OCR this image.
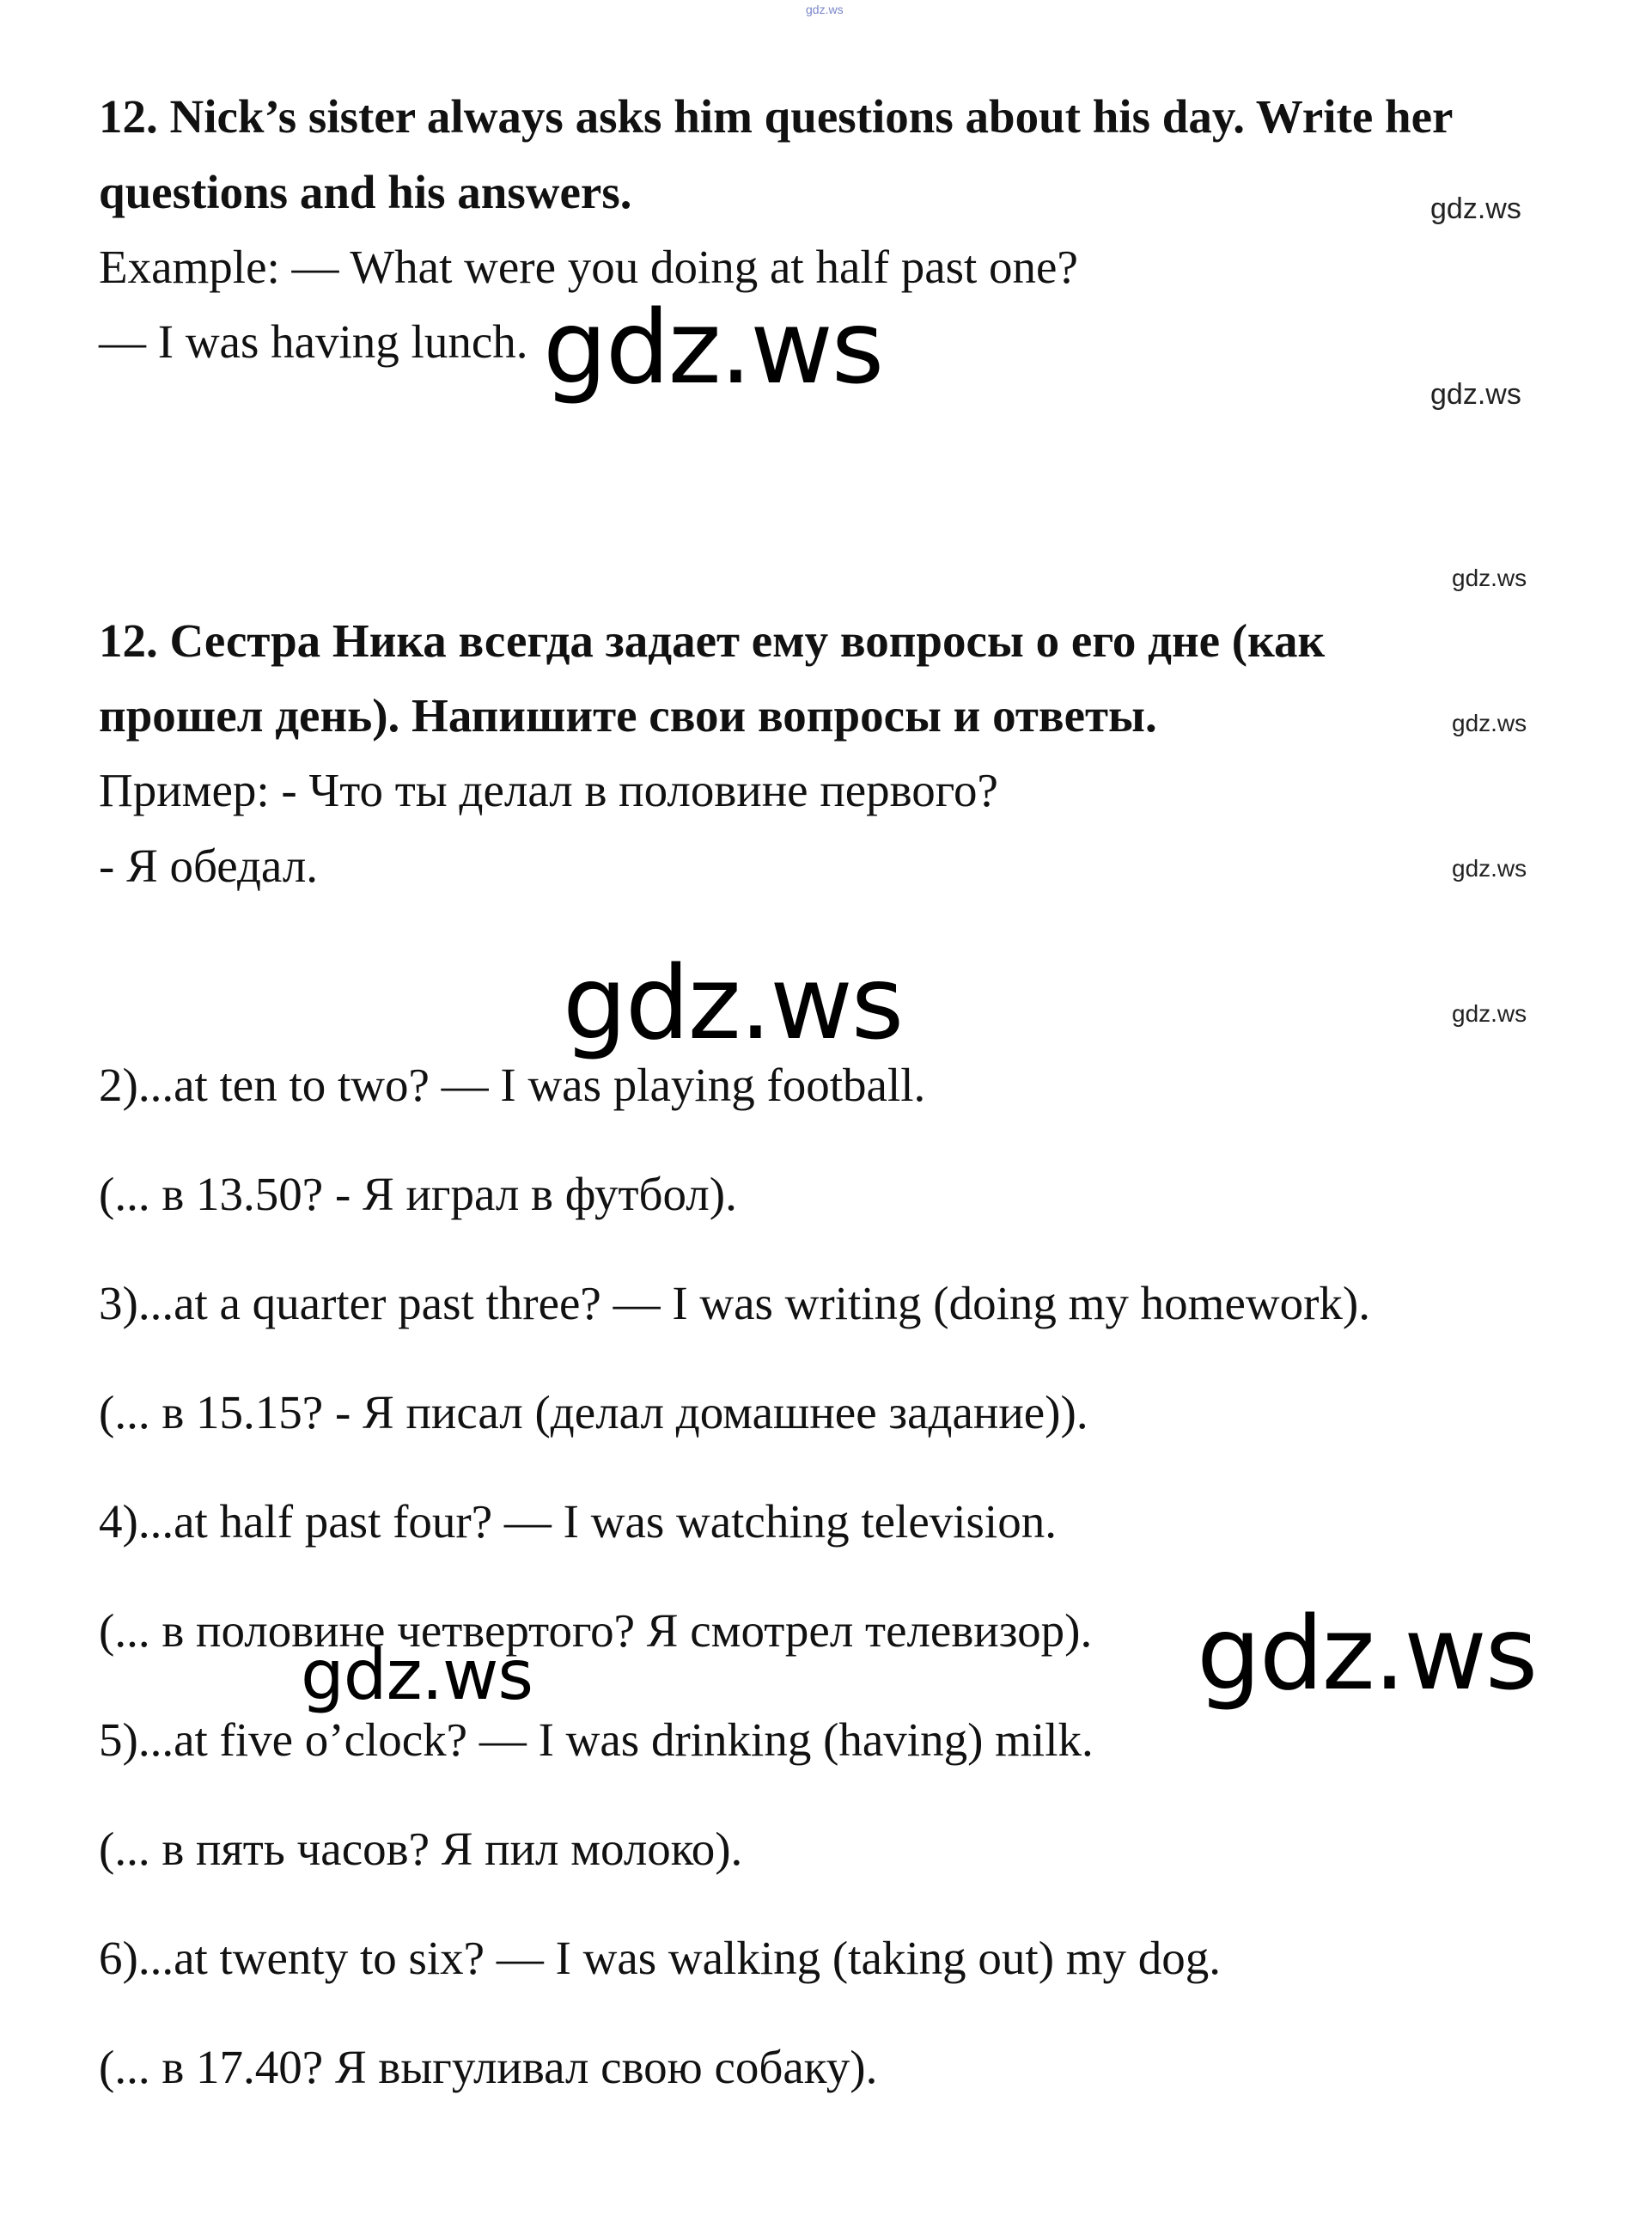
gdz.ws
12. Nick’s sister always asks him questions about his day. Write her
questions and his answers.
Example: — What were you doing at half past one?
— I was having lunch.
12. Сестра Ника всегда задает ему вопросы о его дне (как
прошел день). Напишите свои вопросы и ответы.
Пример: - Что ты делал в половине первого?
- Я обедал.
2)...at ten to two? — I was playing football.
(... в 13.50? - Я играл в футбол).
3)...at a quarter past three? — I was writing (doing my homework).
(... в 15.15? - Я писал (делал домашнее задание)).
4)...at half past four? — I was watching television.
(... в половине четвертого? Я смотрел телевизор).
5)...at five o’clock? — I was drinking (having) milk.
(... в пять часов? Я пил молоко).
6)...at twenty to six? — I was walking (taking out) my dog.
(... в 17.40? Я выгуливал свою собаку).
gdz.ws
gdz.ws
gdz.ws
gdz.ws
gdz.ws
gdz.ws
gdz.ws
gdz.ws
gdz.ws
gdz.ws
